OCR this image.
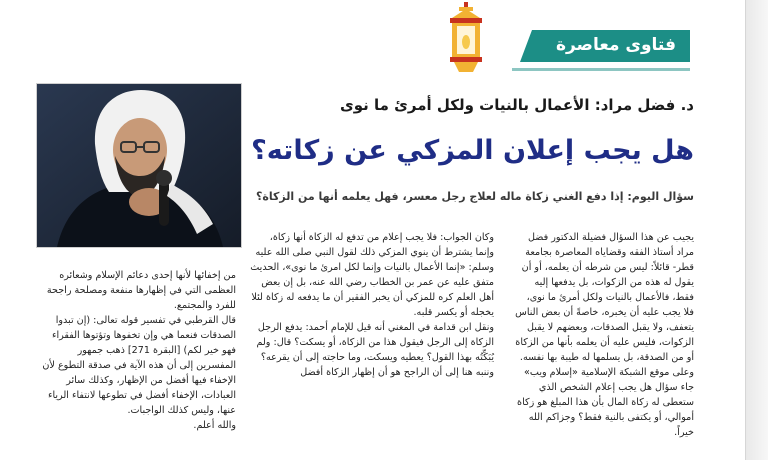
فتاوى معاصرة
د. فضل مراد: الأعمال بالنيات ولكل أمرئ ما نوى
هل يجب إعلان المزكي عن زكاته؟
سؤال اليوم: إذا دفع الغني زكاة ماله لعلاج رجل معسر، فهل يعلمه أنها من الزكاة؟

يجيب عن هذا السؤال فضيلة الدكتور فضل مراد أستاذ الفقه وقضاياه المعاصرة بجامعة قطر- قائلاً: ليس من شرطه أن يعلمه، أو أن يقول له هذه من الزكوات، بل يدفعها إليه فقط، فالأعمال بالنيات ولكل أمرئ ما نوى، فلا يجب عليه أن يخبره، خاصةً أن بعض الناس يتعفف، ولا يقبل الصدقات، وبعضهم لا يقبل الزكوات، فليس عليه أن يعلمه بأنها من الزكاة أو من الصدقة، بل يسلمها له طيبة بها نفسه.

وعلى موقع الشبكة الإسلامية «إسلام ويب» جاء سؤال هل يجب إعلام الشخص الذي ستعطى له زكاة المال بأن هذا المبلغ هو زكاة أموالي، أو يكتفى بالنية فقط؟ وجزاكم الله خيراً.

وكان الجواب: فلا يجب إعلام من تدفع له الزكاة أنها زكاة، وإنما يشترط أن ينوي المزكي ذلك لقول النبي صلى الله عليه وسلم: «إنما الأعمال بالنيات وإنما لكل امرئ ما نوى»، الحديث متفق عليه عن عمر بن الخطاب رضي الله عنه، بل إن بعض أهل العلم كره للمزكي أن يخبر الفقير أن ما يدفعه له زكاة لئلا يخجله أو يكسر قلبه.

ونقل ابن قدامة في المغني أنه قيل للإمام أحمد: يدفع الرجل الزكاة إلى الرجل فيقول هذا من الزكاة، أو يسكت؟ قال: ولم يُبَكِّتُه بهذا القول؟ يعطيه ويسكت، وما حاجته إلى أن يقرعه؟

وننبه هنا إلى أن الراجح هو أن إظهار الزكاة أفضل

من إخفائها لأنها إحدى دعائم الإسلام وشعائره العظمى التي في إظهارها منفعة ومصلحة راجحة للفرد والمجتمع.

قال القرطبي في تفسير قوله تعالى: (إن تبدوا الصدقات فنعما هي وإن تخفوها وتؤتوها الفقراء فهو خير لكم) [البقرة 271] ذهب جمهور المفسرين إلى أن هذه الآية في صدقة التطوع لأن الإخفاء فيها أفضل من الإظهار، وكذلك سائر العبادات، الإخفاء أفضل في تطوعها لانتفاء الرياء عنها، وليس كذلك الواجبات.

والله أعلم.
